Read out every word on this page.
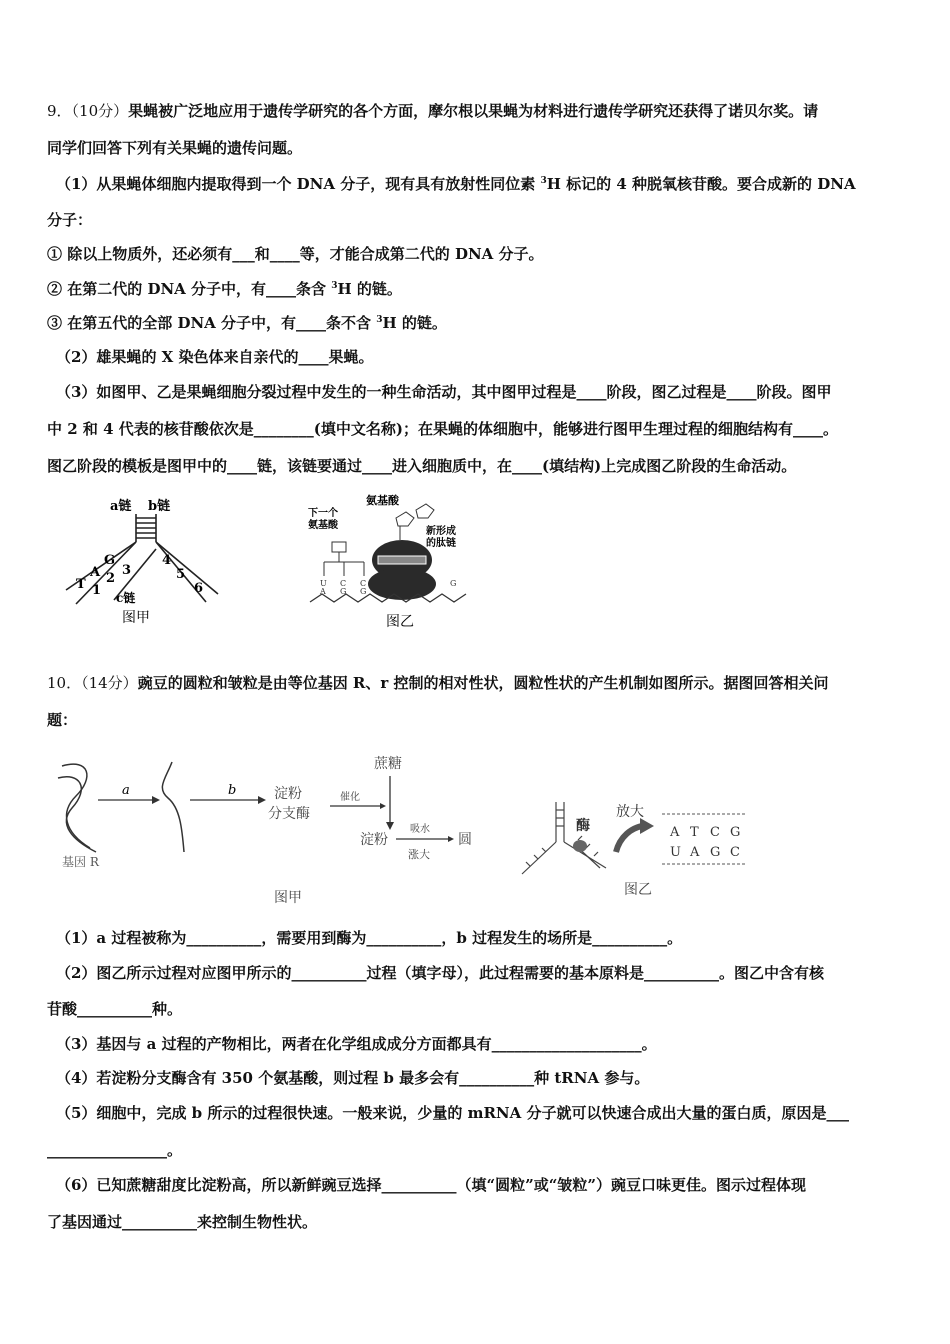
9．（10分）果蝇被广泛地应用于遗传学研究的各个方面，摩尔根以果蝇为材料进行遗传学研究还获得了诺贝尔奖。请
同学们回答下列有关果蝇的遗传问题。
（1）从果蝇体细胞内提取得到一个 DNA 分子，现有具有放射性同位素 $^3$H 标记的 4 种脱氧核苷酸。要合成新的 DNA
分子：
① 除以上物质外，还必须有___和____等，才能合成第二代的 DNA 分子。
② 在第二代的 DNA 分子中，有____条含 $^3$H 的链。
③ 在第五代的全部 DNA 分子中，有____条不含 $^3$H 的链。
（2）雄果蝇的 X 染色体来自亲代的____果蝇。
（3）如图甲、乙是果蝇细胞分裂过程中发生的一种生命活动，其中图甲过程是____阶段，图乙过程是____阶段。图甲
中 2 和 4 代表的核苷酸依次是________(填中文名称)；在果蝇的体细胞中，能够进行图甲生理过程的细胞结构有____。
图乙阶段的模板是图甲中的____链，该链要通过____进入细胞质中，在____(填结构)上完成图乙阶段的生命活动。
a链 b链
G
A
T
3
2
1
4
5
6
c链
图甲
氨基酸
下一个
氨基酸
新形成
的肽链
U
A
C
G
C
G
G
图乙
10．（14分）豌豆的圆粒和皱粒是由等位基因 R、r 控制的相对性状，圆粒性状的产生机制如图所示。据图回答相关问
题：
基因 R
a	b	淀粉
分支酶
催化
蔗糖
淀粉
吸水
涨大
圆
图甲
酶
放大
A T C G
U A G C
图乙
（1）a 过程被称为__________，需要用到酶为__________，b 过程发生的场所是__________。
（2）图乙所示过程对应图甲所示的__________过程（填字母），此过程需要的基本原料是__________。图乙中含有核
苷酸__________种。
（3）基因与 a 过程的产物相比，两者在化学组成成分方面都具有____________________。
（4）若淀粉分支酶含有 350 个氨基酸，则过程 b 最多会有__________种 tRNA 参与。
（5）细胞中，完成 b 所示的过程很快速。一般来说，少量的 mRNA 分子就可以快速合成出大量的蛋白质，原因是___
________________。
（6）已知蔗糖甜度比淀粉高，所以新鲜豌豆选择__________（填“圆粒”或“皱粒”）豌豆口味更佳。图示过程体现
了基因通过__________来控制生物性状。
